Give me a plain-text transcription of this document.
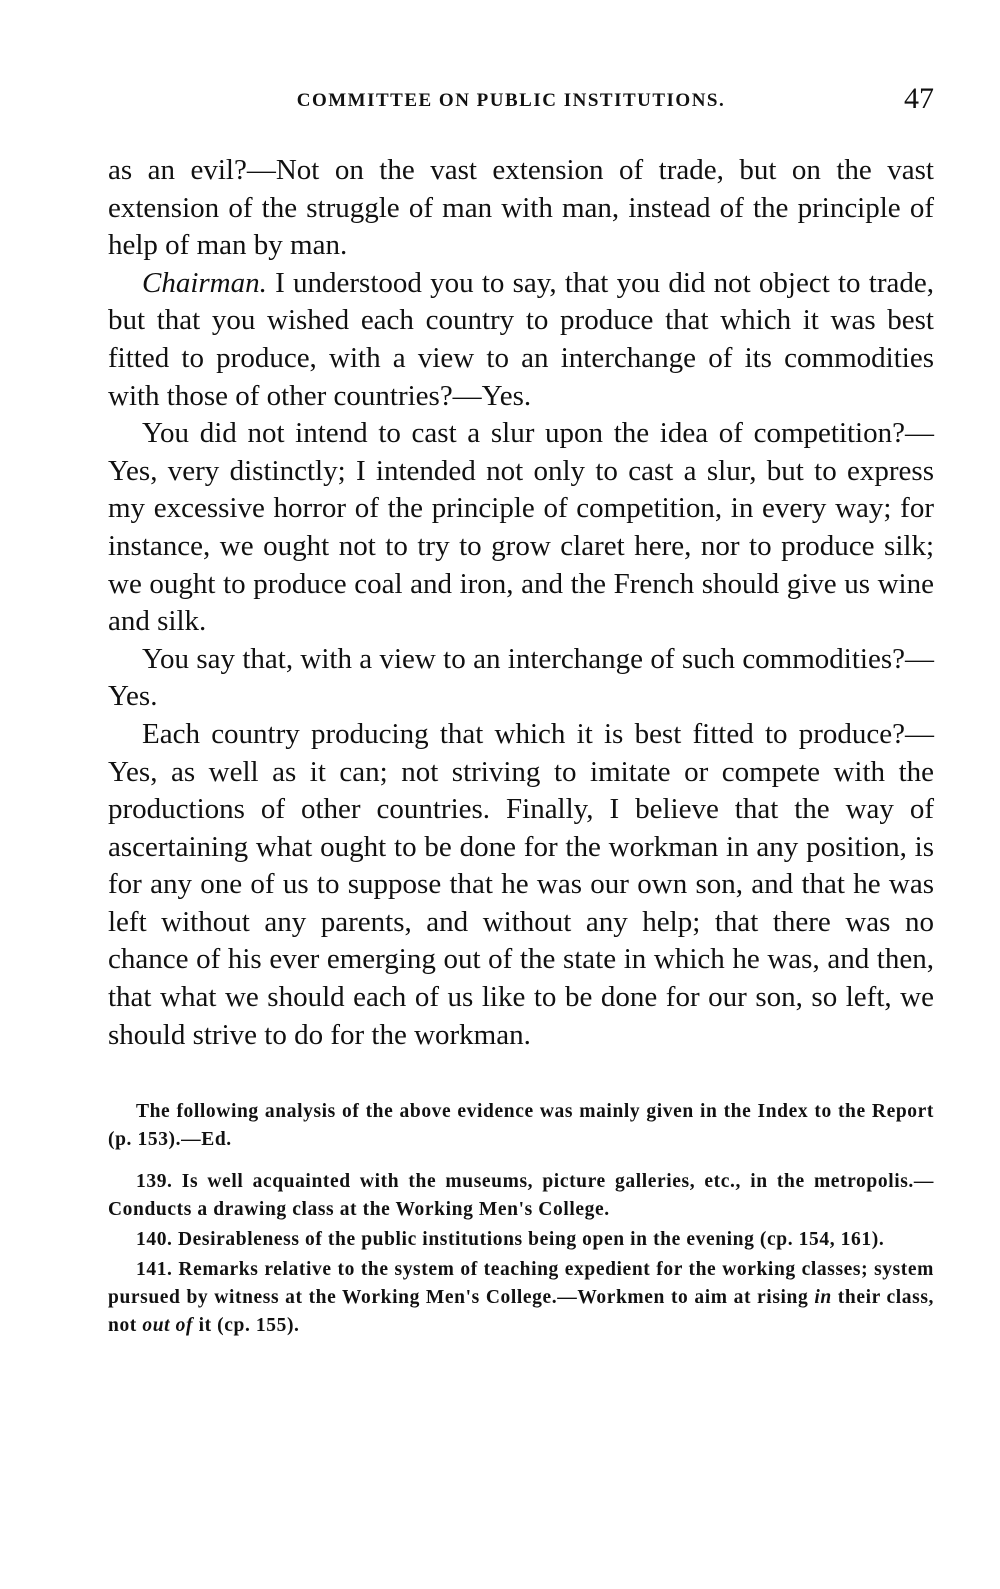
COMMITTEE ON PUBLIC INSTITUTIONS.	47

as an evil?—Not on the vast extension of trade, but on the vast extension of the struggle of man with man, instead of the principle of help of man by man.

Chairman. I understood you to say, that you did not object to trade, but that you wished each country to produce that which it was best fitted to produce, with a view to an interchange of its commodities with those of other countries?—Yes.

You did not intend to cast a slur upon the idea of competition?—Yes, very distinctly; I intended not only to cast a slur, but to express my excessive horror of the principle of competition, in every way; for instance, we ought not to try to grow claret here, nor to produce silk; we ought to produce coal and iron, and the French should give us wine and silk.

You say that, with a view to an interchange of such commodities?—Yes.

Each country producing that which it is best fitted to produce?—Yes, as well as it can; not striving to imitate or compete with the productions of other countries. Finally, I believe that the way of ascertaining what ought to be done for the workman in any position, is for any one of us to suppose that he was our own son, and that he was left without any parents, and without any help; that there was no chance of his ever emerging out of the state in which he was, and then, that what we should each of us like to be done for our son, so left, we should strive to do for the workman.

The following analysis of the above evidence was mainly given in the Index to the Report (p. 153).—Ed.

139. Is well acquainted with the museums, picture galleries, etc., in the metropolis.—Conducts a drawing class at the Working Men's College.

140. Desirableness of the public institutions being open in the evening (cp. 154, 161).

141. Remarks relative to the system of teaching expedient for the working classes; system pursued by witness at the Working Men's College.—Workmen to aim at rising in their class, not out of it (cp. 155).
